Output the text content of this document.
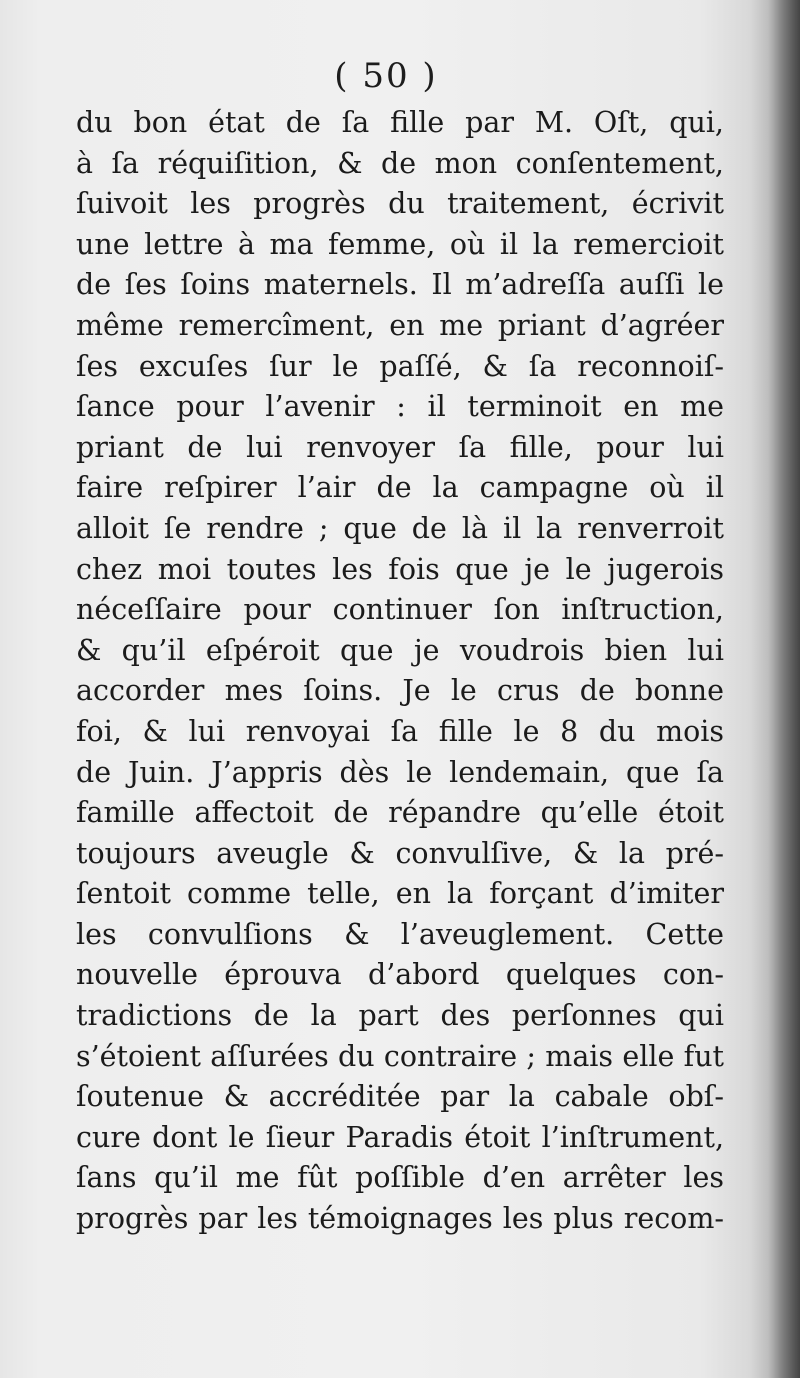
( 50 )
du bon état de ſa fille par M. Oſt, qui,
à ſa réquiſition, & de mon conſentement,
ſuivoit les progrès du traitement, écrivit
une lettre à ma femme, où il la remercioit
de ſes ſoins maternels. Il m’adreſſa auſſi le
même remercîment, en me priant d’agréer
ſes excuſes ſur le paſſé, & ſa reconnoiſ-
ſance pour l’avenir : il terminoit en me
priant de lui renvoyer ſa fille, pour lui
faire reſpirer l’air de la campagne où il
alloit ſe rendre ; que de là il la renverroit
chez moi toutes les fois que je le jugerois
néceſſaire pour continuer ſon inſtruction,
& qu’il eſpéroit que je voudrois bien lui
accorder mes ſoins. Je le crus de bonne
foi, & lui renvoyai ſa fille le 8 du mois
de Juin. J’appris dès le lendemain, que ſa
famille affectoit de répandre qu’elle étoit
toujours aveugle & convulſive, & la pré-
ſentoit comme telle, en la forçant d’imiter
les convulſions & l’aveuglement. Cette
nouvelle éprouva d’abord quelques con-
tradictions de la part des perſonnes qui
s’étoient aſſurées du contraire ; mais elle fut
ſoutenue & accréditée par la cabale obſ-
cure dont le ſieur Paradis étoit l’inſtrument,
ſans qu’il me fût poſſible d’en arrêter les
progrès par les témoignages les plus recom-
